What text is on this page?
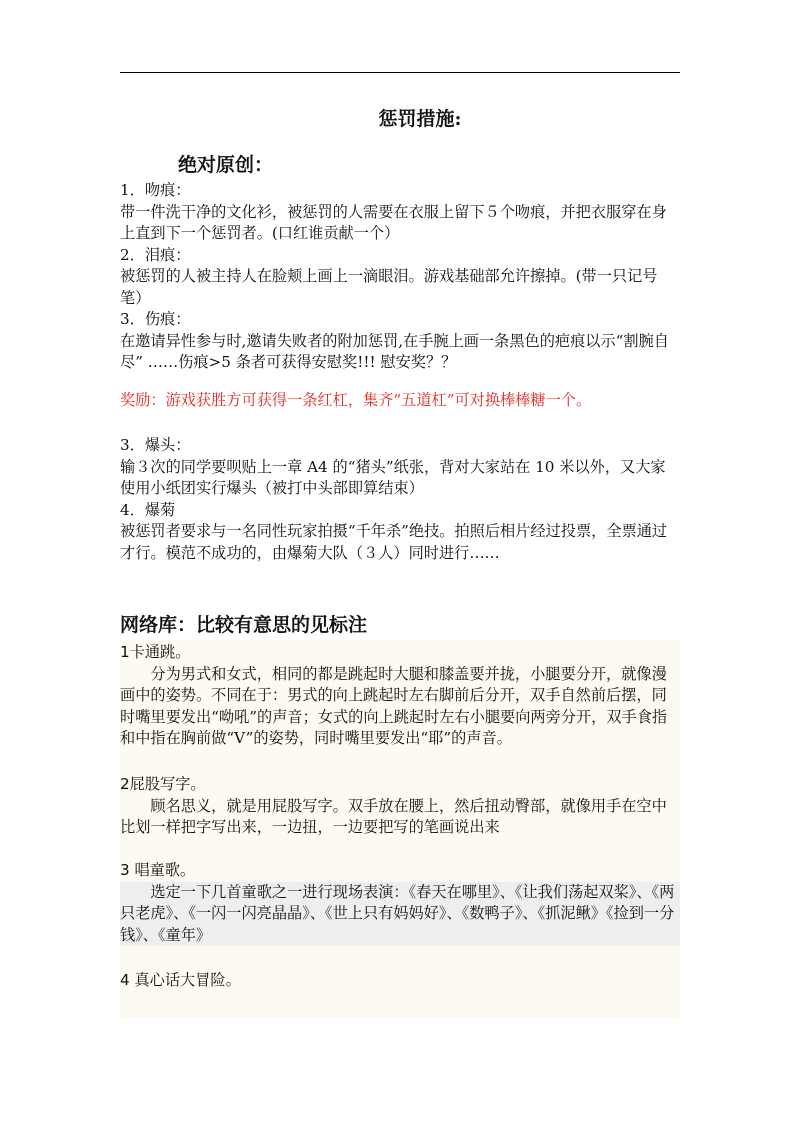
惩罚措施:
绝对原创：
1．吻痕：
带一件洗干净的文化衫，被惩罚的人需要在衣服上留下５个吻痕，并把衣服穿在身上直到下一个惩罚者。(口红谁贡献一个）
2．泪痕：
被惩罚的人被主持人在脸颊上画上一滴眼泪。游戏基础部允许擦掉。(带一只记号笔）
3．伤痕：
在邀请异性参与时,邀请失败者的附加惩罚,在手腕上画一条黑色的疤痕以示“割腕自尽” ……伤痕>5 条者可获得安慰奖!!! 慰安奖？？
奖励：游戏获胜方可获得一条红杠，集齐“五道杠”可对换棒棒糖一个。
3．爆头：
输３次的同学要呗贴上一章 A4 的“猪头”纸张，背对大家站在 10 米以外，又大家使用小纸团实行爆头（被打中头部即算结束）
4．爆菊
被惩罚者要求与一名同性玩家拍摄“千年杀”绝技。拍照后相片经过投票，全票通过才行。模范不成功的，由爆菊大队（３人）同时进行……
网络库：比较有意思的见标注

1卡通跳。

分为男式和女式，相同的都是跳起时大腿和膝盖要并拢，小腿要分开，就像漫画中的姿势。不同在于：男式的向上跳起时左右脚前后分开，双手自然前后摆，同时嘴里要发出“呦吼”的声音；女式的向上跳起时左右小腿要向两旁分开，双手食指和中指在胸前做“V”的姿势，同时嘴里要发出“耶”的声音。

2屁股写字。

顾名思义，就是用屁股写字。双手放在腰上，然后扭动臀部，就像用手在空中比划一样把字写出来，一边扭，一边要把写的笔画说出来

3 唱童歌。

选定一下几首童歌之一进行现场表演：《春天在哪里》、《让我们荡起双桨》、《两只老虎》、《一闪一闪亮晶晶》、《世上只有妈妈好》、《数鸭子》、《抓泥鳅》《捡到一分钱》、《童年》

4 真心话大冒险。
